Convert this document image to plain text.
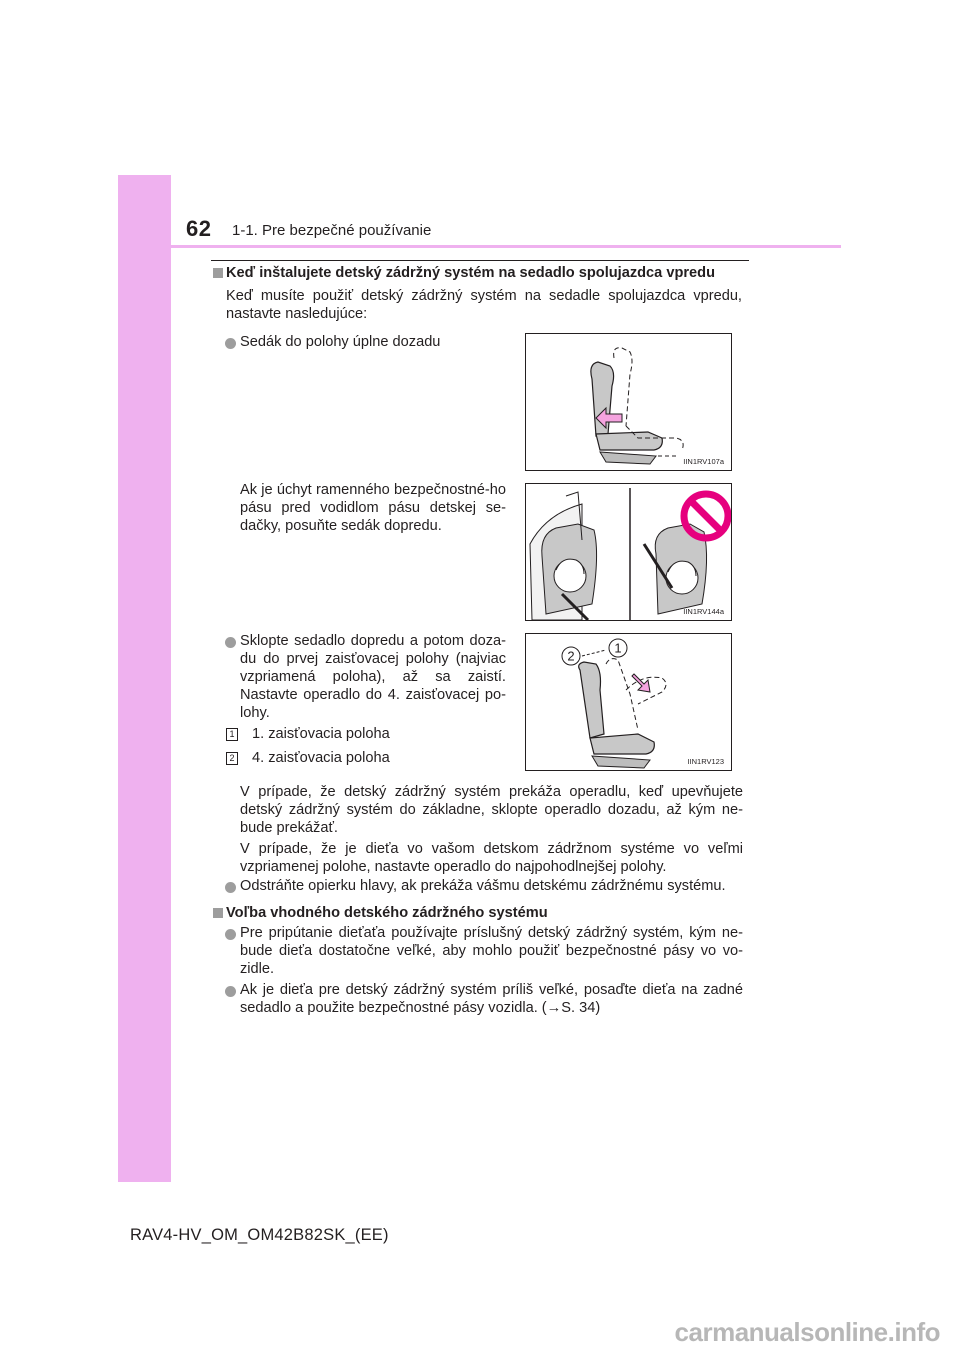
62 1-1. Pre bezpečné používanie
Keď inštalujete detský zádržný systém na sedadlo spolujazdca vpredu
Keď musíte použiť detský zádržný systém na sedadle spolujazdca vpredu, nastavte nasledujúce:
Sedák do polohy úplne dozadu
Ak je úchyt ramenného bezpečnostné-ho pásu pred vodidlom pásu detskej se-dačky, posuňte sedák dopredu.
Sklopte sedadlo dopredu a potom doza-du do prvej zaisťovacej polohy (najviac vzpriamená poloha), až sa zaistí. Nastavte operadlo do 4. zaisťovacej po-lohy.
1 1. zaisťovacia poloha
2 4. zaisťovacia poloha
V prípade, že detský zádržný systém prekáža operadlu, keď upevňujete detský zádržný systém do základne, sklopte operadlo dozadu, až kým ne-bude prekážať.
V prípade, že je dieťa vo vašom detskom zádržnom systéme vo veľmi vzpriamenej polohe, nastavte operadlo do najpohodlnejšej polohy.
Odstráňte opierku hlavy, ak prekáža vášmu detskému zádržnému systému.
Voľba vhodného detského zádržného systému
Pre pripútanie dieťaťa používajte príslušný detský zádržný systém, kým ne-bude dieťa dostatočne veľké, aby mohlo použiť bezpečnostné pásy vo vo-zidle.
Ak je dieťa pre detský zádržný systém príliš veľké, posaďte dieťa na zadné sedadlo a použite bezpečnostné pásy vozidla. (→S. 34)
IIN1RV107a
IIN1RV144a
2
1
IIN1RV123
RAV4-HV_OM_OM42B82SK_(EE)
carmanualsonline.info
